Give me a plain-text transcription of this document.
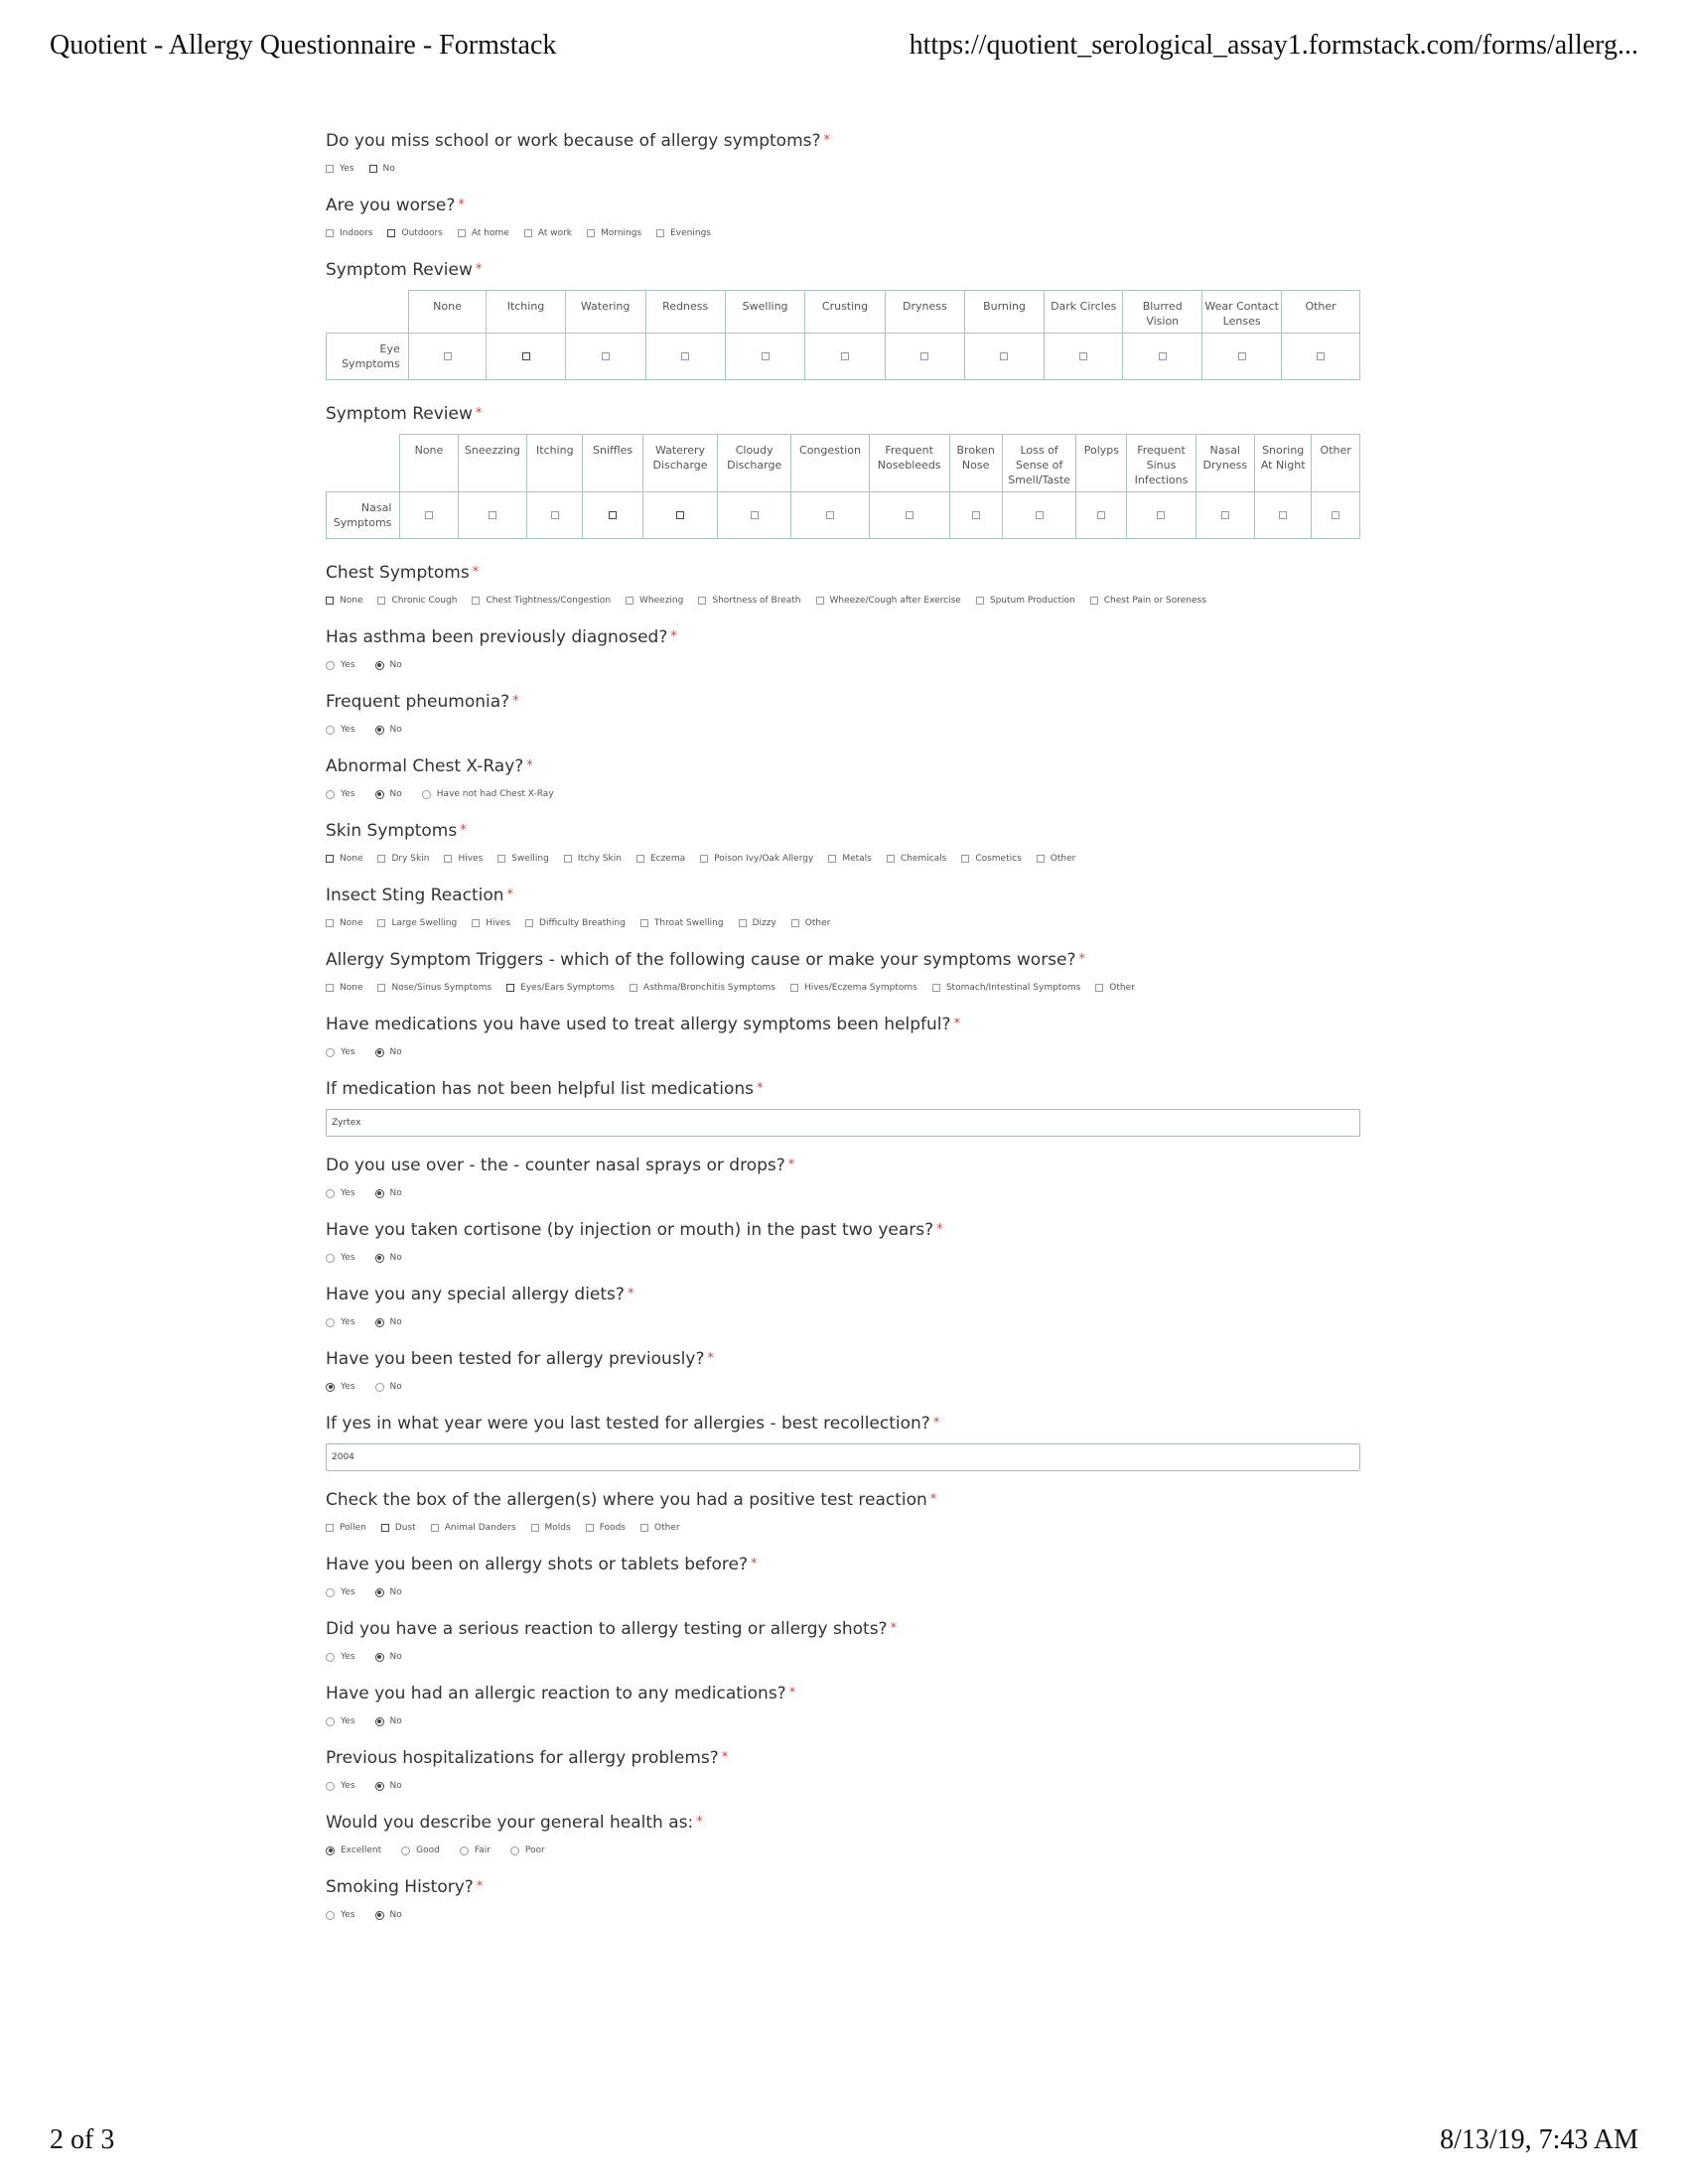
Quotient - Allergy Questionnaire - Formstack	https://quotient_serological_assay1.formstack.com/forms/allerg...
Do you miss school or work because of allergy symptoms? *
Yes	No
Are you worse? *
Indoors	Outdoors	At home	At work	Mornings	Evenings
Symptom Review *
	None	Itching	Watering	Redness	Swelling	Crusting	Dryness	Burning	Dark Circles	Blurred Vision	Wear Contact Lenses	Other
Eye Symptoms												
Symptom Review *
	None	Sneezzing	Itching	Sniffles	Waterery Discharge	Cloudy Discharge	Congestion	Frequent Nosebleeds	Broken Nose	Loss of Sense of Smell/Taste	Polyps	Frequent Sinus Infections	Nasal Dryness	Snoring At Night	Other
Nasal Symptoms															
Chest Symptoms *
None	Chronic Cough	Chest Tightness/Congestion	Wheezing	Shortness of Breath	Wheeze/Cough after Exercise	Sputum Production	Chest Pain or Soreness
Has asthma been previously diagnosed? *
Yes	No
Frequent pheumonia? *
Yes	No
Abnormal Chest X-Ray? *
Yes	No	Have not had Chest X-Ray
Skin Symptoms *
None	Dry Skin	Hives	Swelling	Itchy Skin	Eczema	Poison Ivy/Oak Allergy	Metals	Chemicals	Cosmetics	Other
Insect Sting Reaction *
None	Large Swelling	Hives	Difficulty Breathing	Throat Swelling	Dizzy	Other
Allergy Symptom Triggers - which of the following cause or make your symptoms worse? *
None	Nose/Sinus Symptoms	Eyes/Ears Symptoms	Asthma/Bronchitis Symptoms	Hives/Eczema Symptoms	Stomach/Intestinal Symptoms	Other
Have medications you have used to treat allergy symptoms been helpful? *
Yes	No
If medication has not been helpful list medications *
Zyrtex
Do you use over - the - counter nasal sprays or drops? *
Yes	No
Have you taken cortisone (by injection or mouth) in the past two years? *
Yes	No
Have you any special allergy diets? *
Yes	No
Have you been tested for allergy previously? *
Yes	No
If yes in what year were you last tested for allergies - best recollection? *
2004
Check the box of the allergen(s) where you had a positive test reaction *
Pollen	Dust	Animal Danders	Molds	Foods	Other
Have you been on allergy shots or tablets before? *
Yes	No
Did you have a serious reaction to allergy testing or allergy shots? *
Yes	No
Have you had an allergic reaction to any medications? *
Yes	No
Previous hospitalizations for allergy problems? *
Yes	No
Would you describe your general health as: *
Excellent	Good	Fair	Poor
Smoking History? *
Yes	No
2 of 3	8/13/19, 7:43 AM
